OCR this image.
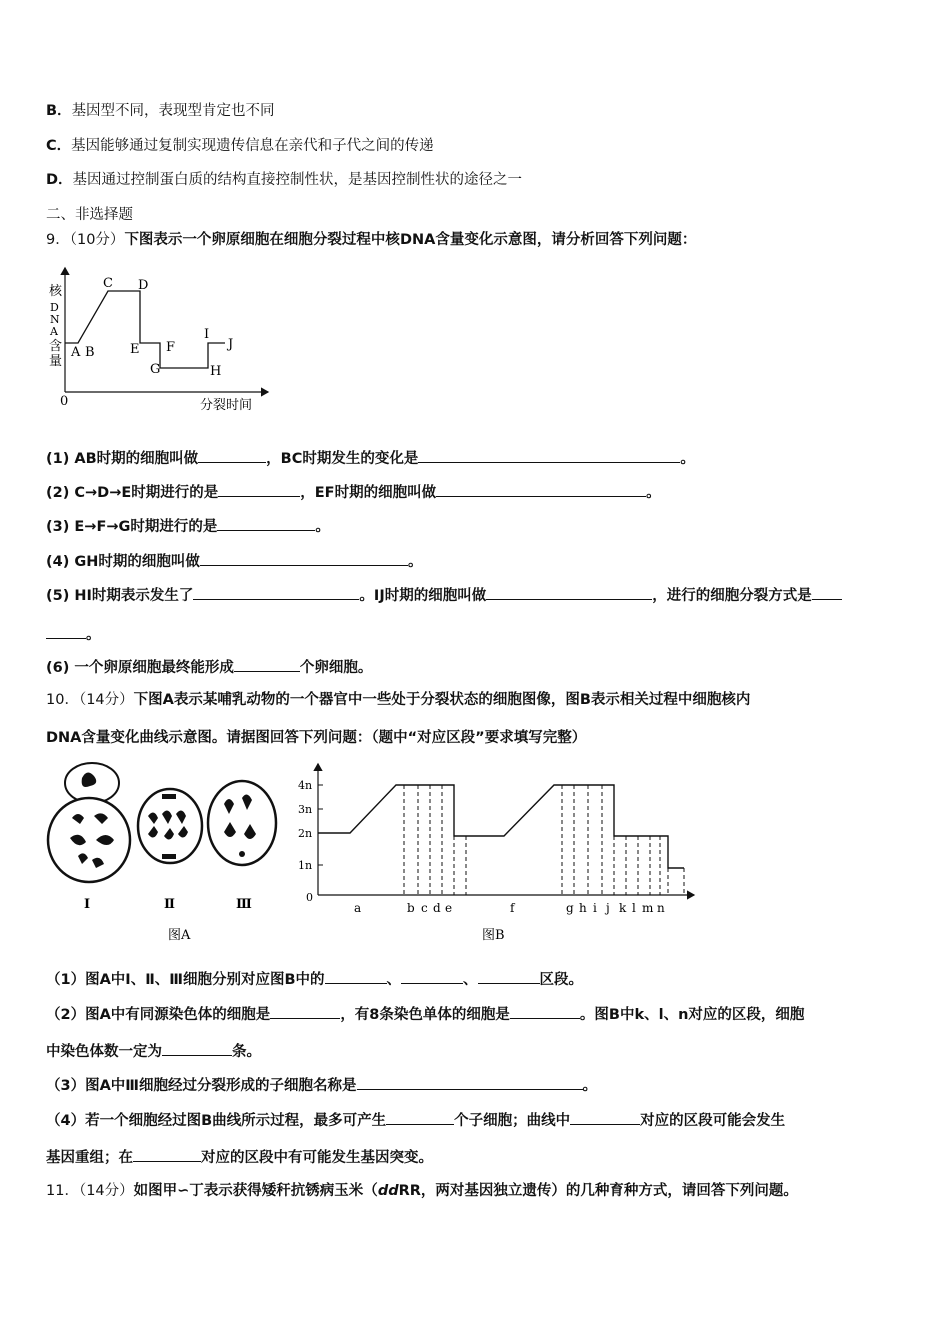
B．基因型不同，表现型肯定也不同
C．基因能够通过复制实现遗传信息在亲代和子代之间的传递
D．基因通过控制蛋白质的结构直接控制性状，是基因控制性状的途径之一
二、非选择题
9．（10分）下图表示一个卵原细胞在细胞分裂过程中核DNA含量变化示意图，请分析回答下列问题：
核
D
N
A
含
量
0	分裂时间
A B
C D
E F
G	H
I
J
(1) AB时期的细胞叫做	，BC时期发生的变化是	。
(2) C→D→E时期进行的是	，EF时期的细胞叫做	。
(3) E→F→G时期进行的是	。
(4) GH时期的细胞叫做	。
(5) HI时期表示发生了	。IJ时期的细胞叫做	，进行的细胞分裂方式是
。
(6) 一个卵原细胞最终能形成	个卵细胞。
10．（14分）下图A表示某哺乳动物的一个器官中一些处于分裂状态的细胞图像，图B表示相关过程中细胞核内
DNA含量变化曲线示意图。请据图回答下列问题：（题中“对应区段”要求填写完整）
Ⅰ	Ⅱ	Ⅲ
图A
4n
3n
2n
1n
0
a	b c d e	f	g h i j k l m n
图B
（1）图A中Ⅰ、Ⅱ、Ⅲ细胞分别对应图B中的	、	、	区段。
（2）图A中有同源染色体的细胞是	，有8条染色单体的细胞是	。图B中k、l、n对应的区段，细胞
中染色体数一定为	条。
（3）图A中Ⅲ细胞经过分裂形成的子细胞名称是	。
（4）若一个细胞经过图B曲线所示过程，最多可产生	个子细胞；曲线中	对应的区段可能会发生
基因重组；在	对应的区段中有可能发生基因突变。
11．（14分）如图甲∽丁表示获得矮秆抗锈病玉米（ddRR，两对基因独立遗传）的几种育种方式，请回答下列问题。
